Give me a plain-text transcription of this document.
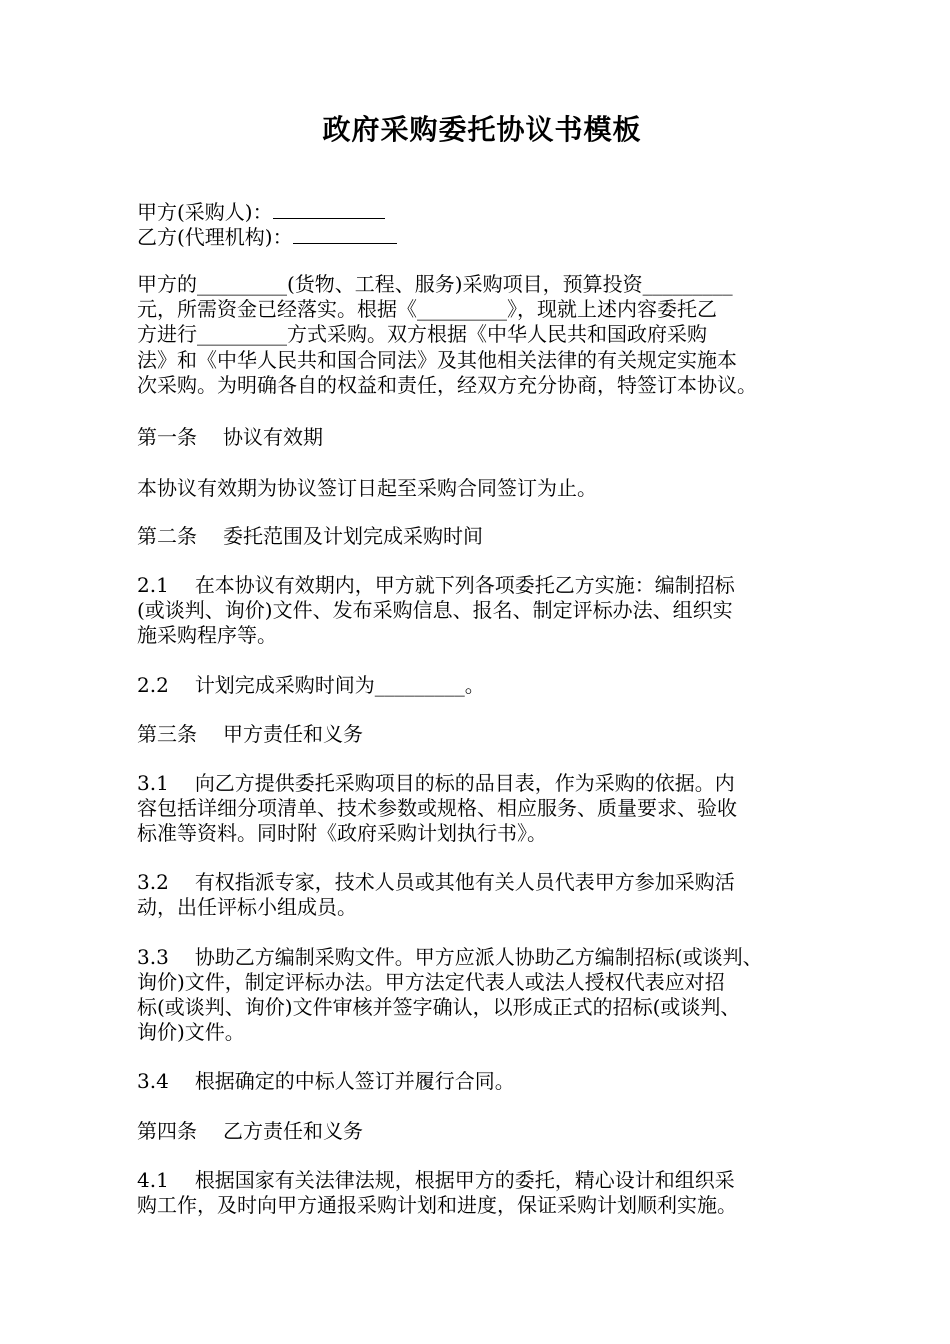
政府采购委托协议书模板
甲方(采购人)：
乙方(代理机构)：
甲方的_________(货物、工程、服务)采购项目，预算投资_________
元，所需资金已经落实。根据《_________》，现就上述内容委托乙
方进行_________方式采购。双方根据《中华人民共和国政府采购
法》和《中华人民共和国合同法》及其他相关法律的有关规定实施本
次采购。为明确各自的权益和责任，经双方充分协商，特签订本协议。
第一条 协议有效期
本协议有效期为协议签订日起至采购合同签订为止。
第二条 委托范围及计划完成采购时间
2.1 在本协议有效期内，甲方就下列各项委托乙方实施：编制招标
(或谈判、询价)文件、发布采购信息、报名、制定评标办法、组织实
施采购程序等。
2.2 计划完成采购时间为_________。
第三条 甲方责任和义务
3.1 向乙方提供委托采购项目的标的品目表，作为采购的依据。内
容包括详细分项清单、技术参数或规格、相应服务、质量要求、验收
标准等资料。同时附《政府采购计划执行书》。
3.2 有权指派专家，技术人员或其他有关人员代表甲方参加采购活
动，出任评标小组成员。
3.3 协助乙方编制采购文件。甲方应派人协助乙方编制招标(或谈判、
询价)文件，制定评标办法。甲方法定代表人或法人授权代表应对招
标(或谈判、询价)文件审核并签字确认，以形成正式的招标(或谈判、
询价)文件。
3.4 根据确定的中标人签订并履行合同。
第四条 乙方责任和义务
4.1 根据国家有关法律法规，根据甲方的委托，精心设计和组织采
购工作，及时向甲方通报采购计划和进度，保证采购计划顺利实施。
